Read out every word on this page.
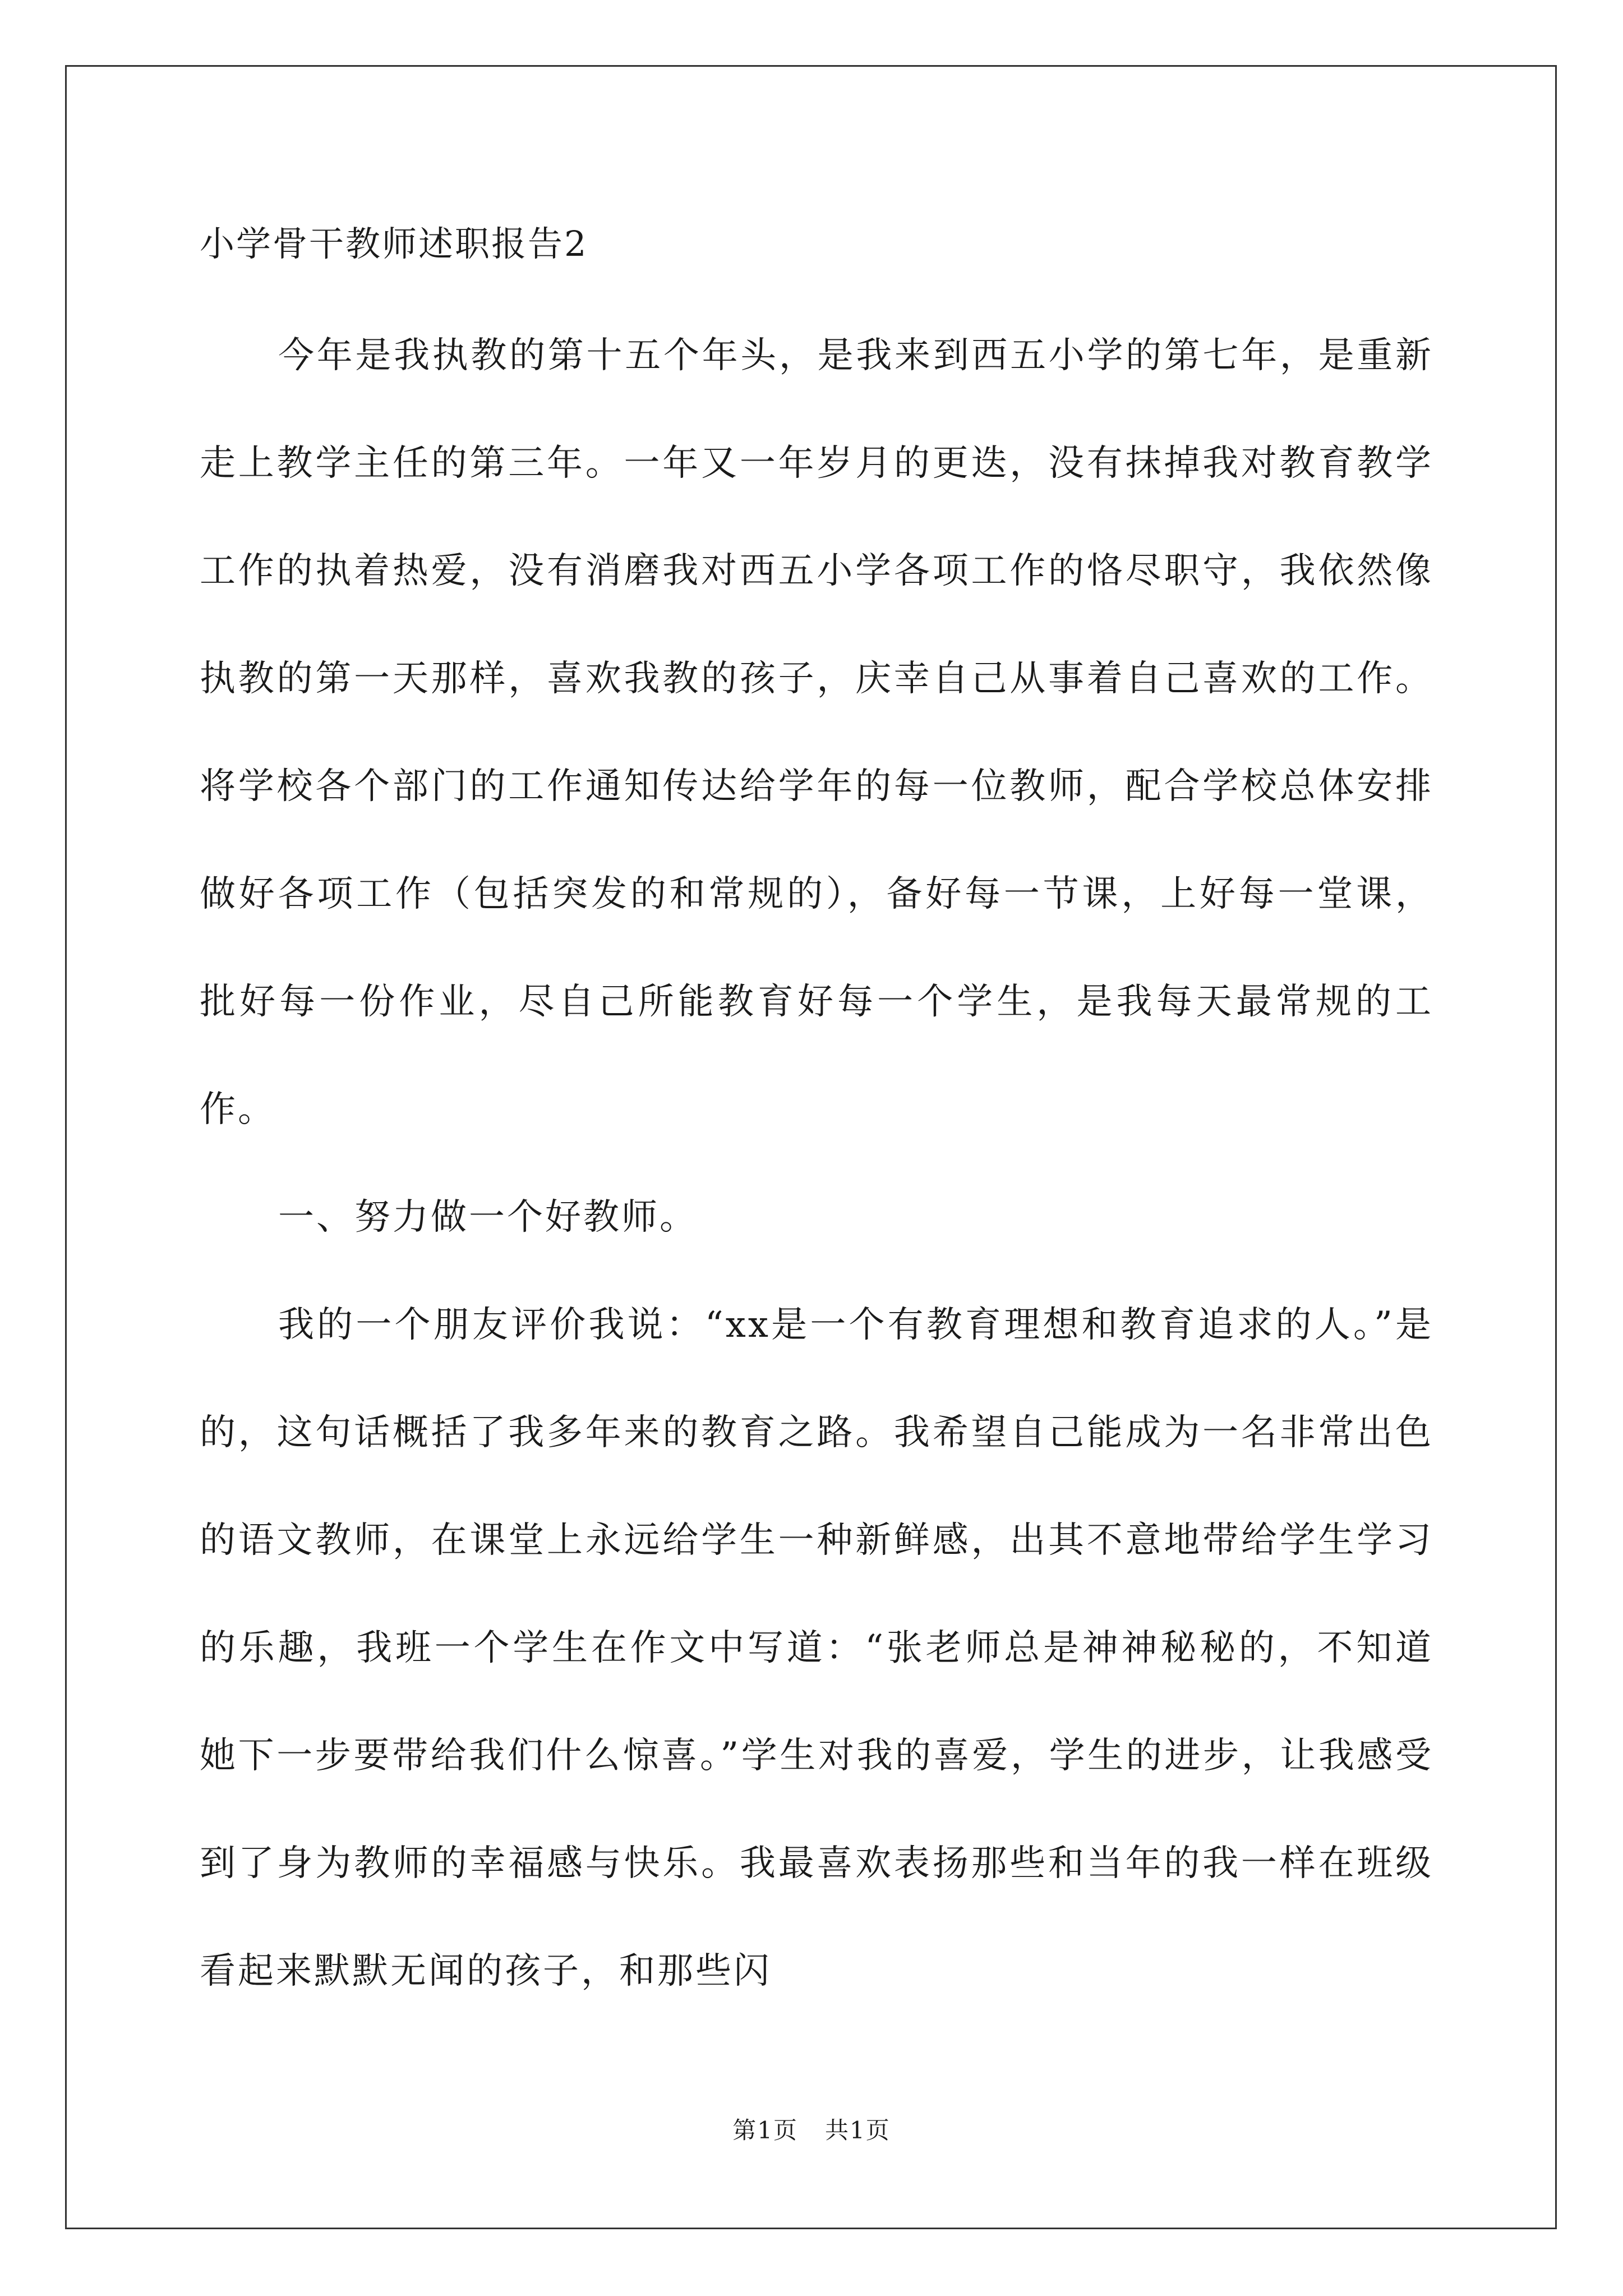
小学骨干教师述职报告2

今年是我执教的第十五个年头，是我来到西五小学的第七年，是重新走上教学主任的第三年。一年又一年岁月的更迭，没有抹掉我对教育教学工作的执着热爱，没有消磨我对西五小学各项工作的恪尽职守，我依然像执教的第一天那样，喜欢我教的孩子，庆幸自己从事着自己喜欢的工作。将学校各个部门的工作通知传达给学年的每一位教师，配合学校总体安排做好各项工作（包括突发的和常规的），备好每一节课，上好每一堂课，批好每一份作业，尽自己所能教育好每一个学生，是我每天最常规的工作。

一、努力做一个好教师。

我的一个朋友评价我说：“xx是一个有教育理想和教育追求的人。”是的，这句话概括了我多年来的教育之路。我希望自己能成为一名非常出色的语文教师，在课堂上永远给学生一种新鲜感，出其不意地带给学生学习的乐趣，我班一个学生在作文中写道：“张老师总是神神秘秘的，不知道她下一步要带给我们什么惊喜。”学生对我的喜爱，学生的进步，让我感受到了身为教师的幸福感与快乐。我最喜欢表扬那些和当年的我一样在班级看起来默默无闻的孩子，和那些闪

第1页 共1页
